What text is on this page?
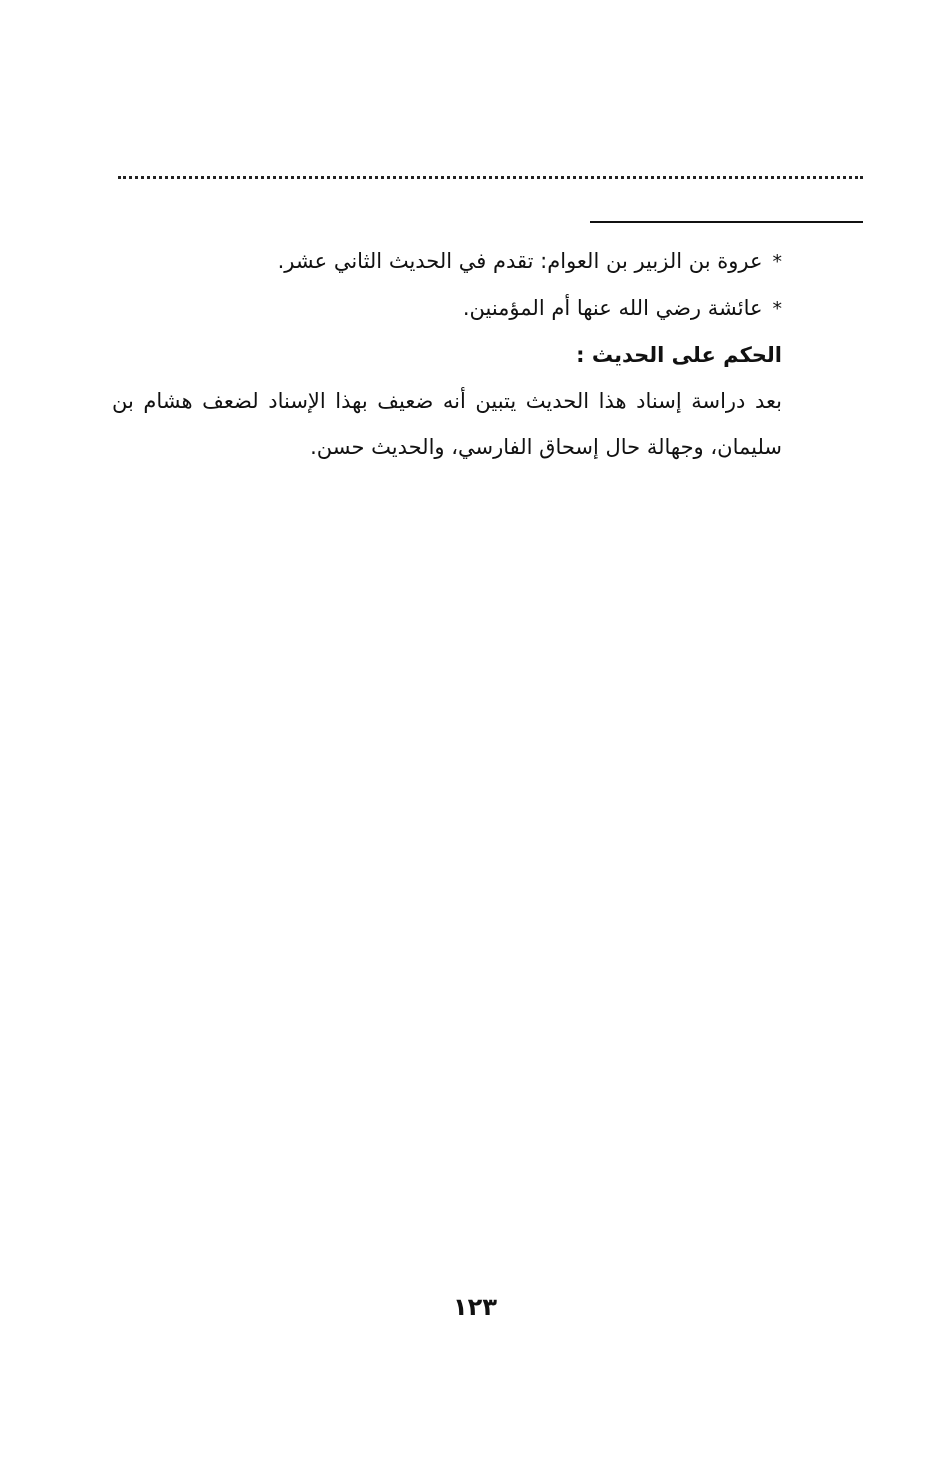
*عروة بن الزبير بن العوام: تقدم في الحديث الثاني عشر.
*عائشة رضي الله عنها أم المؤمنين.
الحكم على الحديث :
بعد دراسة إسناد هذا الحديث يتبين أنه ضعيف بهذا الإسناد لضعف هشام بن
سليمان، وجهالة حال إسحاق الفارسي، والحديث حسن.
١٢٣
